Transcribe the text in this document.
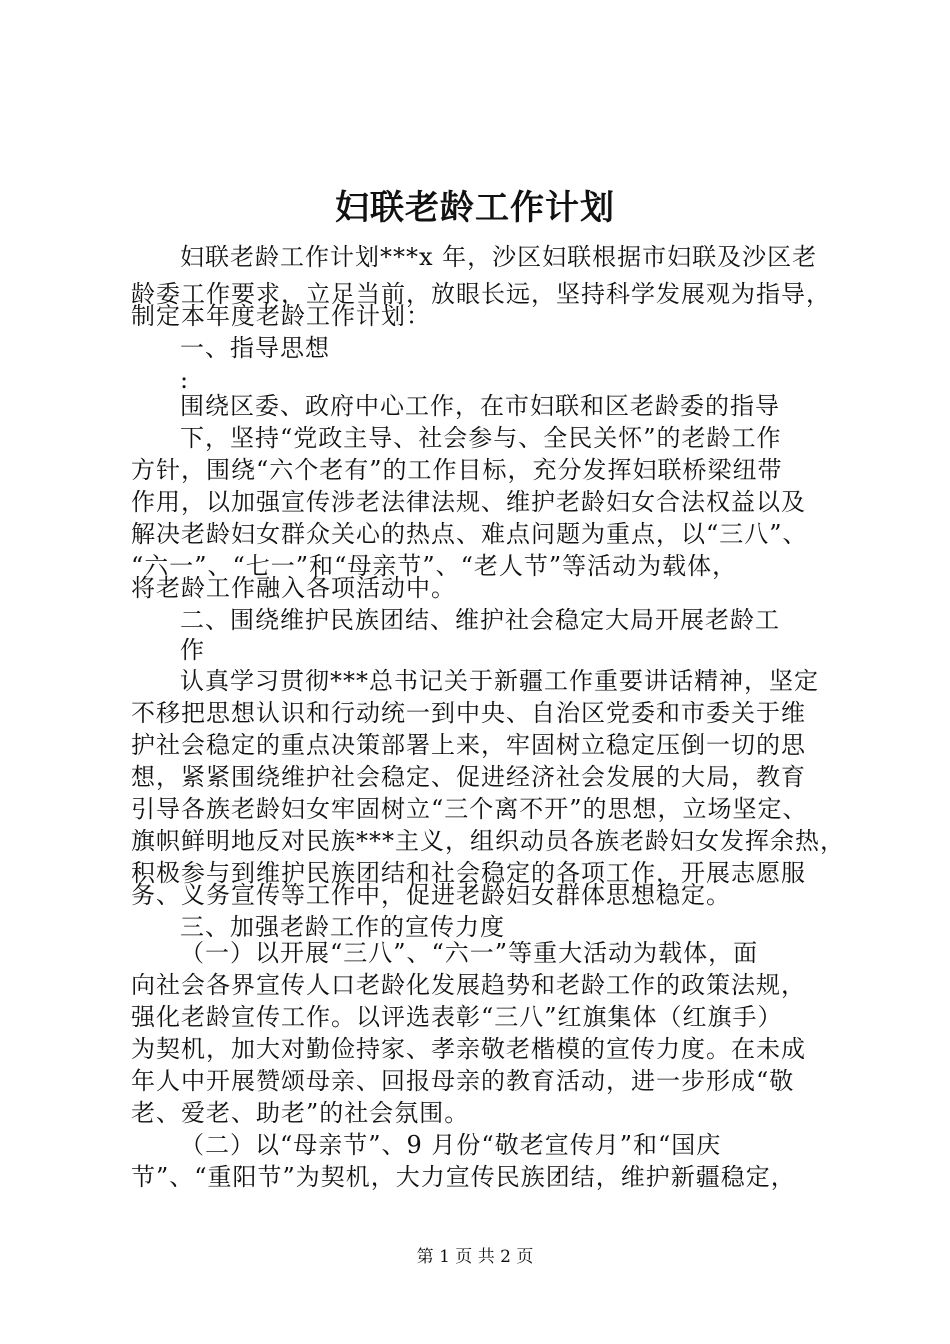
妇联老龄工作计划
妇联老龄工作计划***x 年，沙区妇联根据市妇联及沙区老
龄委工作要求，立足当前，放眼长远，坚持科学发展观为指导，
制定本年度老龄工作计划：
一、指导思想
:
围绕区委、政府中心工作，在市妇联和区老龄委的指导
下，坚持“党政主导、社会参与、全民关怀”的老龄工作
方针，围绕“六个老有”的工作目标，充分发挥妇联桥梁纽带
作用，以加强宣传涉老法律法规、维护老龄妇女合法权益以及
解决老龄妇女群众关心的热点、难点问题为重点，以“三八”、
“六一”、“七一”和“母亲节”、“老人节”等活动为载体，
将老龄工作融入各项活动中。
二、围绕维护民族团结、维护社会稳定大局开展老龄工
作
认真学习贯彻***总书记关于新疆工作重要讲话精神，坚定
不移把思想认识和行动统一到中央、自治区党委和市委关于维
护社会稳定的重点决策部署上来，牢固树立稳定压倒一切的思
想，紧紧围绕维护社会稳定、促进经济社会发展的大局，教育
引导各族老龄妇女牢固树立“三个离不开”的思想，立场坚定、
旗帜鲜明地反对民族***主义，组织动员各族老龄妇女发挥余热，
积极参与到维护民族团结和社会稳定的各项工作，开展志愿服
务、义务宣传等工作中，促进老龄妇女群体思想稳定。
三、加强老龄工作的宣传力度
（一）以开展“三八”、“六一”等重大活动为载体，面
向社会各界宣传人口老龄化发展趋势和老龄工作的政策法规，
强化老龄宣传工作。以评选表彰“三八”红旗集体（红旗手）
为契机，加大对勤俭持家、孝亲敬老楷模的宣传力度。在未成
年人中开展赞颂母亲、回报母亲的教育活动，进一步形成“敬
老、爱老、助老”的社会氛围。
（二）以“母亲节”、9 月份“敬老宣传月”和“国庆
节”、“重阳节”为契机，大力宣传民族团结，维护新疆稳定，
第 1 页 共 2 页
